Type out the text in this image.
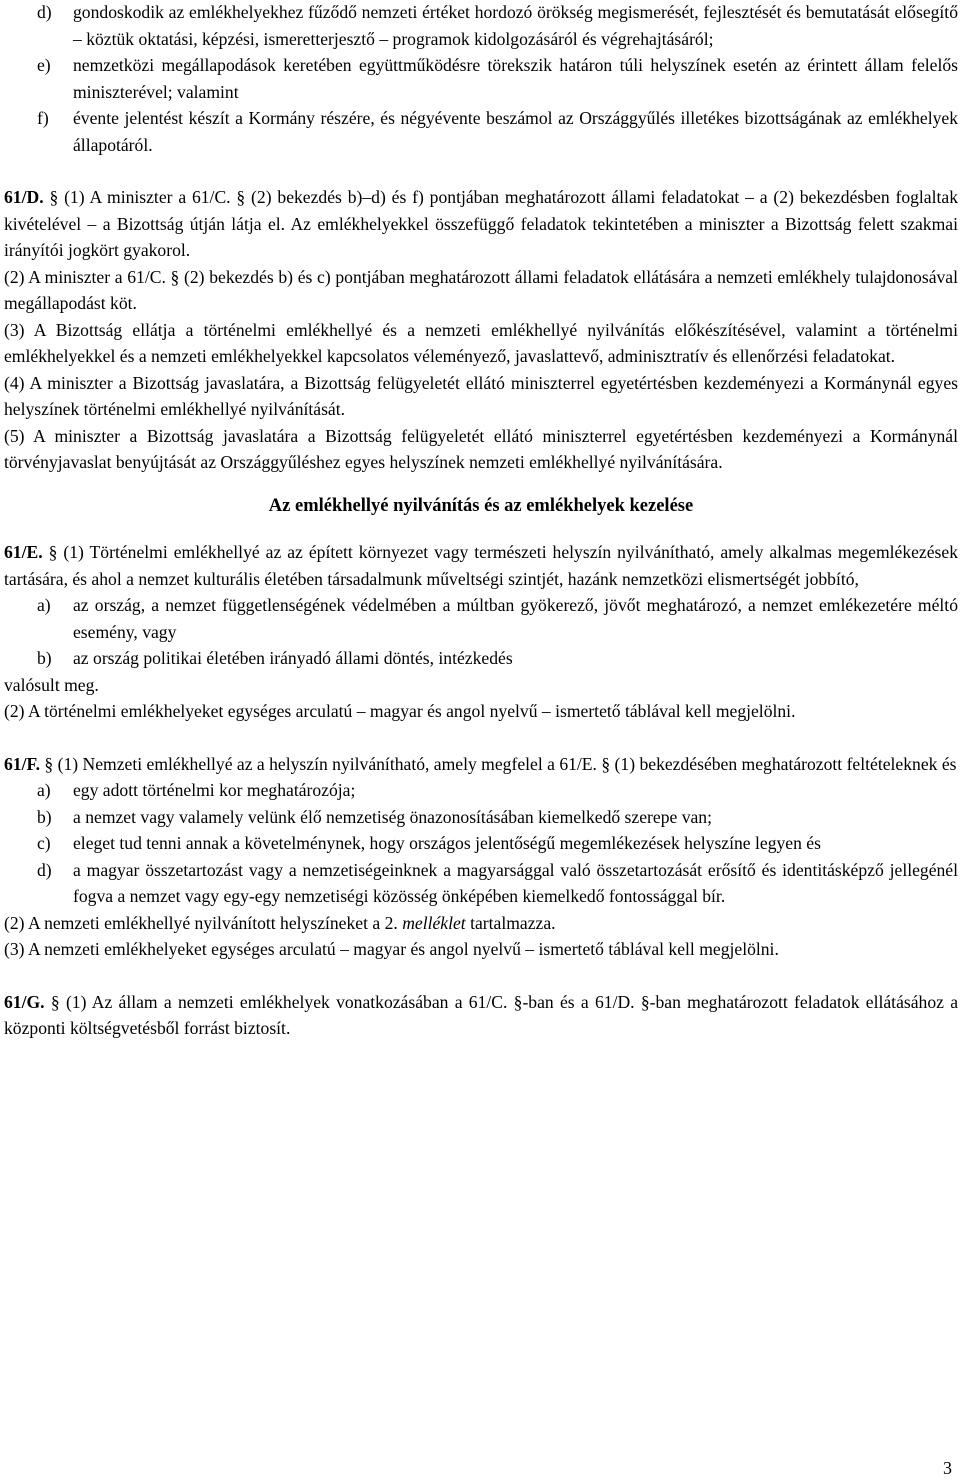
d)	gondoskodik az emlékhelyekhez fűződő nemzeti értéket hordozó örökség megismerését, fejlesztését és bemutatását elősegítő – köztük oktatási, képzési, ismeretterjesztő – programok kidolgozásáról és végrehajtásáról;
e)	nemzetközi megállapodások keretében együttműködésre törekszik határon túli helyszínek esetén az érintett állam felelős miniszterével; valamint
f)	évente jelentést készít a Kormány részére, és négyévente beszámol az Országgyűlés illetékes bizottságának az emlékhelyek állapotáról.

61/D. § (1) A miniszter a 61/C. § (2) bekezdés b)–d) és f) pontjában meghatározott állami feladatokat – a (2) bekezdésben foglaltak kivételével – a Bizottság útján látja el. Az emlékhelyekkel összefüggő feladatok tekintetében a miniszter a Bizottság felett szakmai irányítói jogkört gyakorol.

(2) A miniszter a 61/C. § (2) bekezdés b) és c) pontjában meghatározott állami feladatok ellátására a nemzeti emlékhely tulajdonosával megállapodást köt.

(3) A Bizottság ellátja a történelmi emlékhellyé és a nemzeti emlékhellyé nyilvánítás előkészítésével, valamint a történelmi emlékhelyekkel és a nemzeti emlékhelyekkel kapcsolatos véleményező, javaslattevő, adminisztratív és ellenőrzési feladatokat.

(4) A miniszter a Bizottság javaslatára, a Bizottság felügyeletét ellátó miniszterrel egyetértésben kezdeményezi a Kormánynál egyes helyszínek történelmi emlékhellyé nyilvánítását.

(5) A miniszter a Bizottság javaslatára a Bizottság felügyeletét ellátó miniszterrel egyetértésben kezdeményezi a Kormánynál törvényjavaslat benyújtását az Országgyűléshez egyes helyszínek nemzeti emlékhellyé nyilvánítására.

Az emlékhellyé nyilvánítás és az emlékhelyek kezelése

61/E. § (1) Történelmi emlékhellyé az az épített környezet vagy természeti helyszín nyilvánítható, amely alkalmas megemlékezések tartására, és ahol a nemzet kulturális életében társadalmunk műveltségi szintjét, hazánk nemzetközi elismertségét jobbító,

a)	az ország, a nemzet függetlenségének védelmében a múltban gyökerező, jövőt meghatározó, a nemzet emlékezetére méltó esemény, vagy
b)	az ország politikai életében irányadó állami döntés, intézkedés

valósult meg.

(2) A történelmi emlékhelyeket egységes arculatú – magyar és angol nyelvű – ismertető táblával kell megjelölni.

61/F. § (1) Nemzeti emlékhellyé az a helyszín nyilvánítható, amely megfelel a 61/E. § (1) bekezdésében meghatározott feltételeknek és

a)	egy adott történelmi kor meghatározója;
b)	a nemzet vagy valamely velünk élő nemzetiség önazonosításában kiemelkedő szerepe van;
c)	eleget tud tenni annak a követelménynek, hogy országos jelentőségű megemlékezések helyszíne legyen és
d)	a magyar összetartozást vagy a nemzetiségeinknek a magyarsággal való összetartozását erősítő és identitásképző jellegénél fogva a nemzet vagy egy-egy nemzetiségi közösség önképében kiemelkedő fontossággal bír.

(2) A nemzeti emlékhellyé nyilvánított helyszíneket a 2. melléklet tartalmazza.

(3) A nemzeti emlékhelyeket egységes arculatú – magyar és angol nyelvű – ismertető táblával kell megjelölni.

61/G. § (1) Az állam a nemzeti emlékhelyek vonatkozásában a 61/C. §-ban és a 61/D. §-ban meghatározott feladatok ellátásához a központi költségvetésből forrást biztosít.

3
